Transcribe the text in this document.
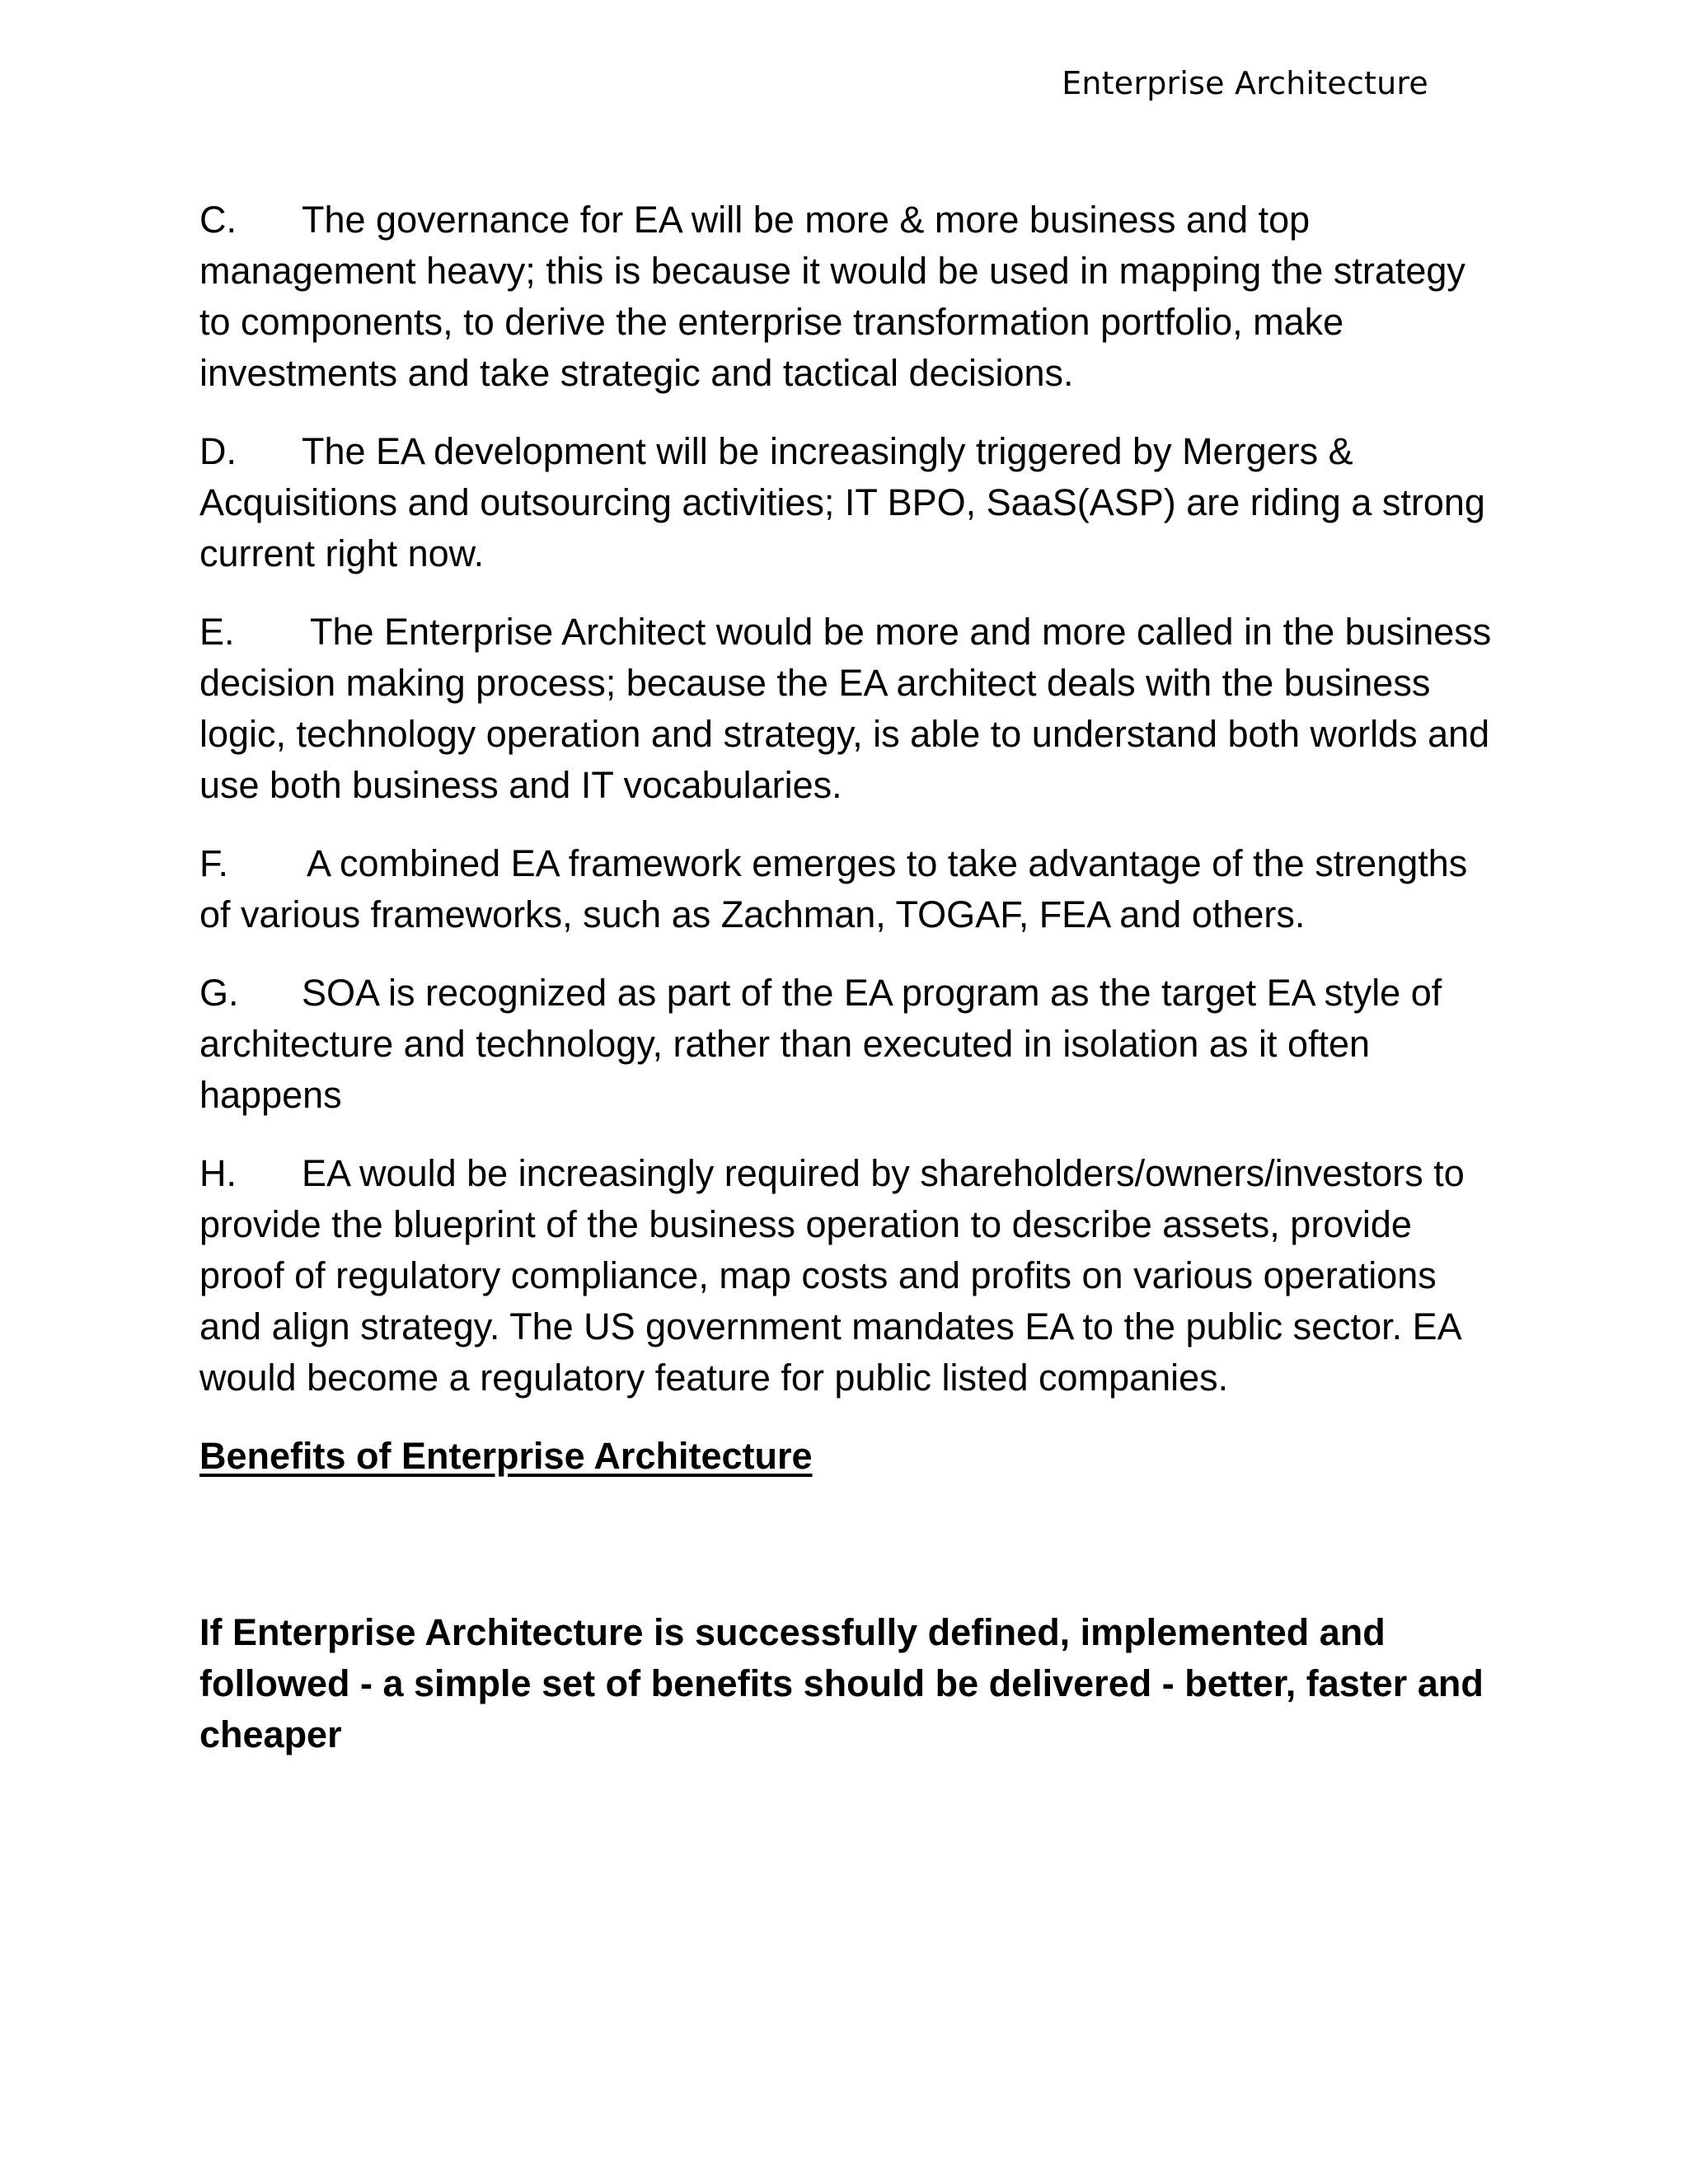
Enterprise Architecture

C. The governance for EA will be more & more business and top management heavy; this is because it would be used in mapping the strategy to components, to derive the enterprise transformation portfolio, make investments and take strategic and tactical decisions.

D. The EA development will be increasingly triggered by Mergers & Acquisitions and outsourcing activities; IT BPO, SaaS(ASP) are riding a strong current right now.

E. The Enterprise Architect would be more and more called in the business decision making process; because the EA architect deals with the business logic, technology operation and strategy, is able to understand both worlds and use both business and IT vocabularies.

F. A combined EA framework emerges to take advantage of the strengths of various frameworks, such as Zachman, TOGAF, FEA and others.

G. SOA is recognized as part of the EA program as the target EA style of architecture and technology, rather than executed in isolation as it often happens

H. EA would be increasingly required by shareholders/owners/investors to provide the blueprint of the business operation to describe assets, provide proof of regulatory compliance, map costs and profits on various operations and align strategy. The US government mandates EA to the public sector. EA would become a regulatory feature for public listed companies.

Benefits of Enterprise Architecture

If Enterprise Architecture is successfully defined, implemented and followed - a simple set of benefits should be delivered - better, faster and cheaper
